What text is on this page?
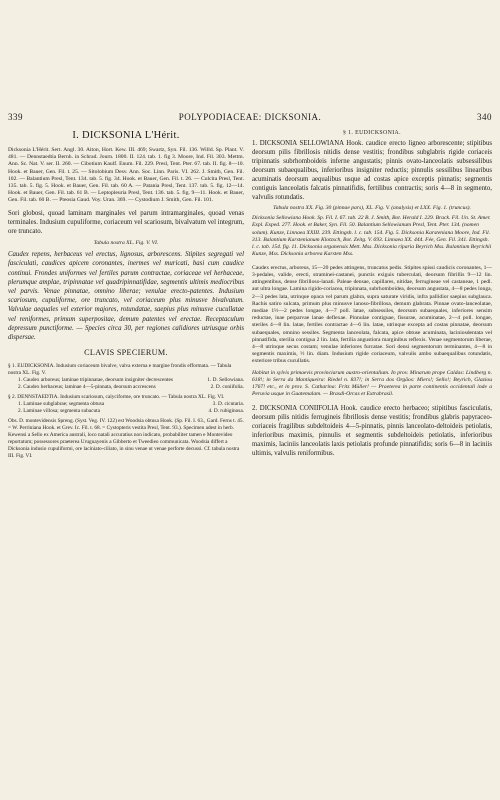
339	POLYPODIACEAE: DICKSONIA.	340
I. DICKSONIA L'Hérit.

Dicksonia L'Hérit. Sert. Angl. 30. Aiton, Hort. Kew. III. 469; Swartz, Syn. Fil. 136. Willd. Sp. Plant. V. 481. — Dennstaedtia Bernh. in Schrad. Journ. 1800. II. 124. tab. 1. fig 3. Moore, Ind. Fil. 303. Mettm. Ann. Sc. Nat. V. ser. II. 260. — Cibotium Kaulf. Enum. Fil. 229. Presl, Tent. Pter. 67. tab. II. fig. 8—10. Hook. et Bauer, Gen. Fil. t. 25. — Sitolobium Desv. Ann. Soc. Linn. Paris. VI. 262. J. Smith, Gen. Fil. 102. — Balantium Presl, Tent. 134. tab. 5. fig. 34. Hook. et Bauer, Gen. Fil. t. 26. — Culcita Presl, Tent. 135. tab. 5. fig. 5. Hook. et Bauer, Gen. Fil. tab. 60 A. — Patania Presl, Tent. 137. tab. 5. fig. 12—14. Hook. et Bauer, Gen. Fil. tab. 61 B. — Leptopleuria Presl, Tent. 136. tab. 5. fig. 9—11. Hook. et Bauer, Gen. Fil. tab. 60 B. — Pteosia Gaud. Voy. Uran. 369. — Cystodium J. Smith, Gen. Fil. 101.

Sori globosi, quoad laminam marginales vel parum intramarginales, quoad venas terminales. Indusium cupuliforme, coriaceum vel scariosum, bivalvatum vel integrum, ore truncato.

Tabula nostra XL. Fig. V. VI.

Caudex repens, herbaceus vel erectus, lignosus, arborescens. Stipites segregati vel fasciculati, caudices apicem coronantes, inermes vel muricati, basi cum caudice continui. Frondes uniformes vel fertiles parum contractae, coriaceae vel herbaceae, plerumque amplae, tripinnatae vel quadripinnatifidae, segmentis ultimis mediocribus vel parvis. Venae pinnatae, omnino liberae; venulae erecto-patentes. Indusium scariosum, cupuliforme, ore truncato, vel coriaceum plus minusve bivalvatum. Valvulae aequales vel exterior majores, rotundatae, saepius plus minusve cucullatae vel reniformes, primum superpositae, demum patentes vel erectae. Receptaculum depressum punctiforme. — Species circa 30, per regiones calidiores utriusque orbis dispersae.

CLAVIS SPECIERUM.
§ 1. EUDICKSONIA. Indusium coriaceum bivalve, valva externa e margine frondis efformata. — Tabula nostra XL. Fig. V.
1. Caudex arboreus; laminae tripinnatae, deorsum insigniter decrescentes	1. D. Sellowiana.
2. Caudex herbaceus; laminae 4—5-pinnata, deorsum accrescens	2. D. coniifolia.
§ 2. DENNSTAEDTIA. Indusium scariosum, calyciforme, ore truncato. — Tabula nostra XL. Fig. VI.
1. Laminae subglabrae; segmenta obtusa	3. D. cicutaria.
2. Laminae villosa; segmenta subacuta	4. D. rubiginosa.

Obs. D. montevidensis Spreng. (Syst. Veg. IV. 122) est Woodsia obtusa Hook. (Sp. Fil. I. 63., Gard. Ferns t. 45. = W. Perriniana Hook. et Grev. Ic. Fil. t. 68. = Cystopteris vestita Presl, Tent. 93.). Specimen adest in herb. Kewensi a Sello ex America australi, loco natali accuratius non indicato, probabiliter tamen e Montevideo reportatum; possessores praeterea Uruguayenis a Gibberto et Tweedieo communicata. Woodsia differt a Dicksonia indusio cupuliformi, ore laciniato-ciliato, in sinu venae ut venae perforte decussi. Cf. tabula nostra III. Fig. VI.

§ 1. EUDICKSONIA.

1. DICKSONIA SELLOWIANA Hook. caudice erecto ligneo arborescente; stipitibus deorsum pilis fibrillosis nitidis dense vestitis; frondibus subglabris rigide coriaceis tripinnatis subrhomboideis inferne angustatis; pinnis ovato-lanceolatis subsessilibus deorsum subaequalibus, inferioribus insigniter reductis; pinnulis sessilibus linearibus acuminatis deorsum aequalibus usque ad costas apice exceptis pinnatis; segmentis contiguis lanceolatis falcatis pinnatifidis, fertilibus contractis; soris 4—8 in segmento, valvulis rotundatis.

Tabula nostra XX. Fig. 30 (pinnae pars), XL. Fig. V. (analysis) et LXX. Fig. 1. (truncus).

Dicksonia Sellowiana Hook. Sp. Fil. I. 67. tab. 22 B. J. Smith, Bot. Herald I. 229. Brack. Fil. Un. St. Amer. Expl. Exped. 277. Hook. et Baker, Syn. Fil. 50. Balantium Sellowianum Presl, Tent. Pter. 134. (nomen solum). Kunze, Linnaea XXIII. 239. Ettingsh. l. c. tab. 154. Fig. 5. Dicksonia Karsteniana Moore, Ind. Fil. 313. Balantium Karstenianum Klotzsch, Bot. Zeitg. V. 693. Linnaea XX. 444. Fée, Gen. Fil. 341. Ettingsh. l. c. tab. 154. fig. 11. Dicksonia organensis Mett. Mss. Dicksonia riparia Beyrich Mss. Balantium Beyrichii Kunze, Mss. Dicksonia arborea Karsten Mss.

Caudex erectus, arboreus, 15—20 pedes attingens, truncatus pedis. Stipites spissi caudicis coronantes, 1—3-pedales, valide, erecti, straminei-castanei, punctis exiguis tuberculati, deorsum fibrillis 9—12 lin. attingentibus, dense fibrilloso-lanati. Paleae densae, capillares, nitidae, ferrugineae vel castaneae, 1 pedl. aut ultra longae. Lamina rigido-coriacea, tripinnata, subrhomboidea, deorsum angustata, 4—8 pedes longa, 2—3 pedes lata, utrinque opaca vel parum glabra, supra saturate viridis, infra pallidior saepius subglauca. Rachis satiro sulcata, primum plus minusve lanoso-fibrillosa, demum glabrata. Pinnae ovato-lanceolatae, mediae 1½—2 pedes longae, 4—7 poll. latae, subsessiles, deorsum subaequales, inferiores sensim reductae, inae perparvae lanae deflexae. Pinnulae contiguae, fissurae, acuminatae, 2—4 poll. longae, steriles 4—8 lin. latae, fertiles contractae 4—6 lin. latae, utrinque excepta ad costas pinnatae, deorsum subaequales, omnino sessiles. Segmenta lanceolata, falcata, apice obtuse acuminata, laciniosdentata vel pinnatifida, sterilia contigua 2 lin. lata, fertilia angustiora marginibus reflexis. Venae segmentorum liberae, 4—8 utrinque secus costam; venulae inferiores furcatae. Sori densi segmentorum terminantes, 4—8 in segmentis maximis, ½ lin. diam. Indusium rigide coriaceum, valvulis ambo subaequalibus rotundatis, exteriore tribus cucullatis.

Habitat in sylvis primaevis provinciarum austro-orientalium. In prov. Minarum prope Caldas: Lindberg n. 618!; in Serra da Mantiqueira: Riedel n. 837!; in Serra dos Orgãos: Miers!; Sello!; Beyrich, Glaziou 1767! etc., et in prov. S. Catharina: Fritz Müller! — Praeterea in parte continentis occidentali inde a Peruvia usque in Guatemalam. — Brasdi-Orcas et Extrabrasil.

2. DICKSONIA CONIIFOLIA Hook. caudice erecto herbaceo; stipitibus fasciculatis, deorsum pilis nitidis ferrugineis fibrillosis dense vestitis; frondibus glabris papyraceo-coriaceis fragilibus subdeltoideis 4—5-pinnatis, pinnis lanceolato-deltoideis petiolatis, inferioribus maximis, pinnulis et segmentis subdeltoideis petiolatis, inferioribus maximis, laciniis lanceolatis laxis petiolatis profunde pinnatifidis; soris 6—8 in laciniis ultimis, valvulis reniformibus.
